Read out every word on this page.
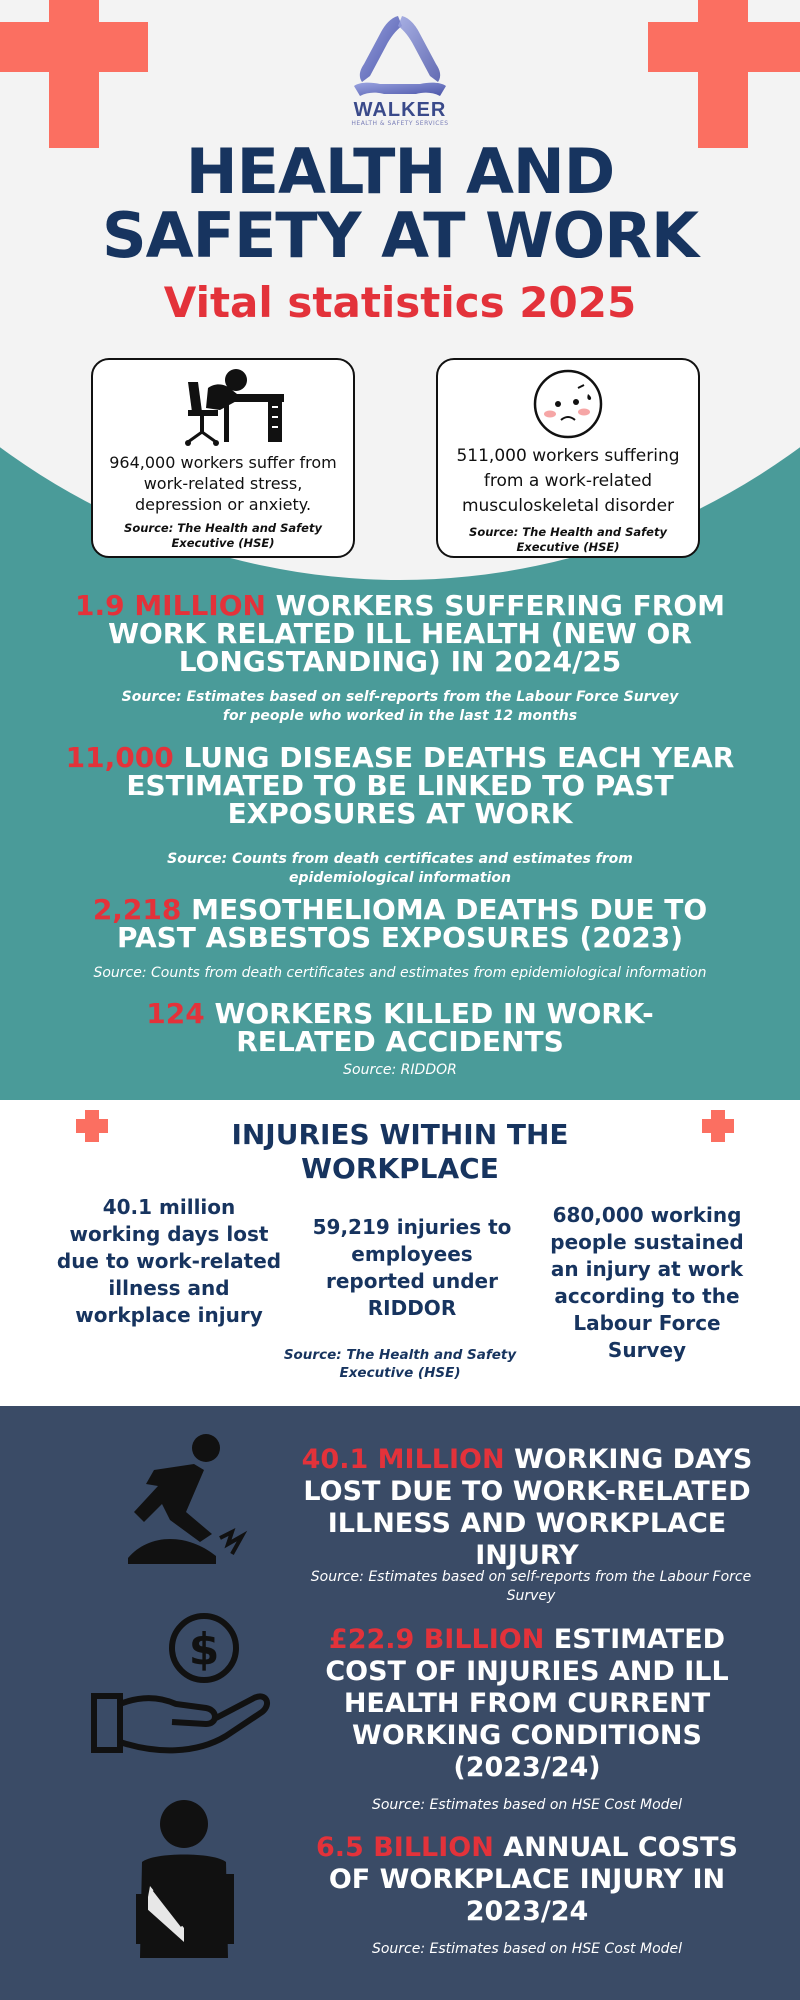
WALKER
HEALTH & SAFETY SERVICES
HEALTH AND
SAFETY AT WORK
Vital statistics 2025
964,000 workers suffer from work-related stress, depression or anxiety.
Source: The Health and Safety Executive (HSE)
511,000 workers suffering from a work-related musculoskeletal disorder
Source: The Health and Safety Executive (HSE)
1.9 MILLION WORKERS SUFFERING FROM WORK RELATED ILL HEALTH (NEW OR LONGSTANDING) IN 2024/25
Source: Estimates based on self-reports from the Labour Force Survey for people who worked in the last 12 months
11,000 LUNG DISEASE DEATHS EACH YEAR ESTIMATED TO BE LINKED TO PAST EXPOSURES AT WORK
Source: Counts from death certificates and estimates from epidemiological information
2,218 MESOTHELIOMA DEATHS DUE TO PAST ASBESTOS EXPOSURES (2023)
Source: Counts from death certificates and estimates from epidemiological information
124 WORKERS KILLED IN WORK-RELATED ACCIDENTS
Source: RIDDOR
INJURIES WITHIN THE WORKPLACE
40.1 million working days lost due to work-related illness and workplace injury
59,219 injuries to employees reported under RIDDOR
680,000 working people sustained an injury at work according to the Labour Force Survey
Source: The Health and Safety Executive (HSE)
40.1 MILLION WORKING DAYS LOST DUE TO WORK-RELATED ILLNESS AND WORKPLACE INJURY
Source: Estimates based on self-reports from the Labour Force Survey
$	£22.9 BILLION ESTIMATED COST OF INJURIES AND ILL HEALTH FROM CURRENT WORKING CONDITIONS (2023/24)
Source: Estimates based on HSE Cost Model
6.5 BILLION ANNUAL COSTS OF WORKPLACE INJURY IN 2023/24
Source: Estimates based on HSE Cost Model
